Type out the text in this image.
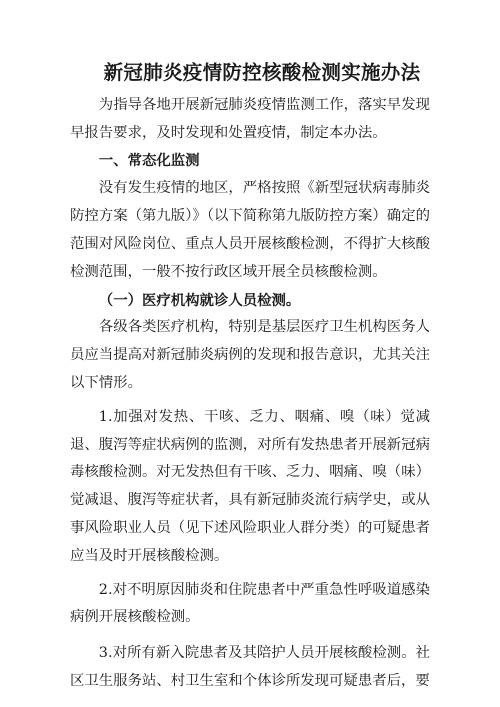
新冠肺炎疫情防控核酸检测实施办法

为指导各地开展新冠肺炎疫情监测工作，落实早发现早报告要求，及时发现和处置疫情，制定本办法。

一、常态化监测

没有发生疫情的地区，严格按照《新型冠状病毒肺炎防控方案（第九版）》（以下简称第九版防控方案）确定的范围对风险岗位、重点人员开展核酸检测，不得扩大核酸检测范围，一般不按行政区域开展全员核酸检测。

（一）医疗机构就诊人员检测。

各级各类医疗机构，特别是基层医疗卫生机构医务人员应当提高对新冠肺炎病例的发现和报告意识，尤其关注以下情形。

1.加强对发热、干咳、乏力、咽痛、嗅（味）觉减退、腹泻等症状病例的监测，对所有发热患者开展新冠病毒核酸检测。对无发热但有干咳、乏力、咽痛、嗅（味）觉减退、腹泻等症状者，具有新冠肺炎流行病学史，或从事风险职业人员（见下述风险职业人群分类）的可疑患者应当及时开展核酸检测。

2.对不明原因肺炎和住院患者中严重急性呼吸道感染病例开展核酸检测。

3.对所有新入院患者及其陪护人员开展核酸检测。社区卫生服务站、村卫生室和个体诊所发现可疑患者后，要
